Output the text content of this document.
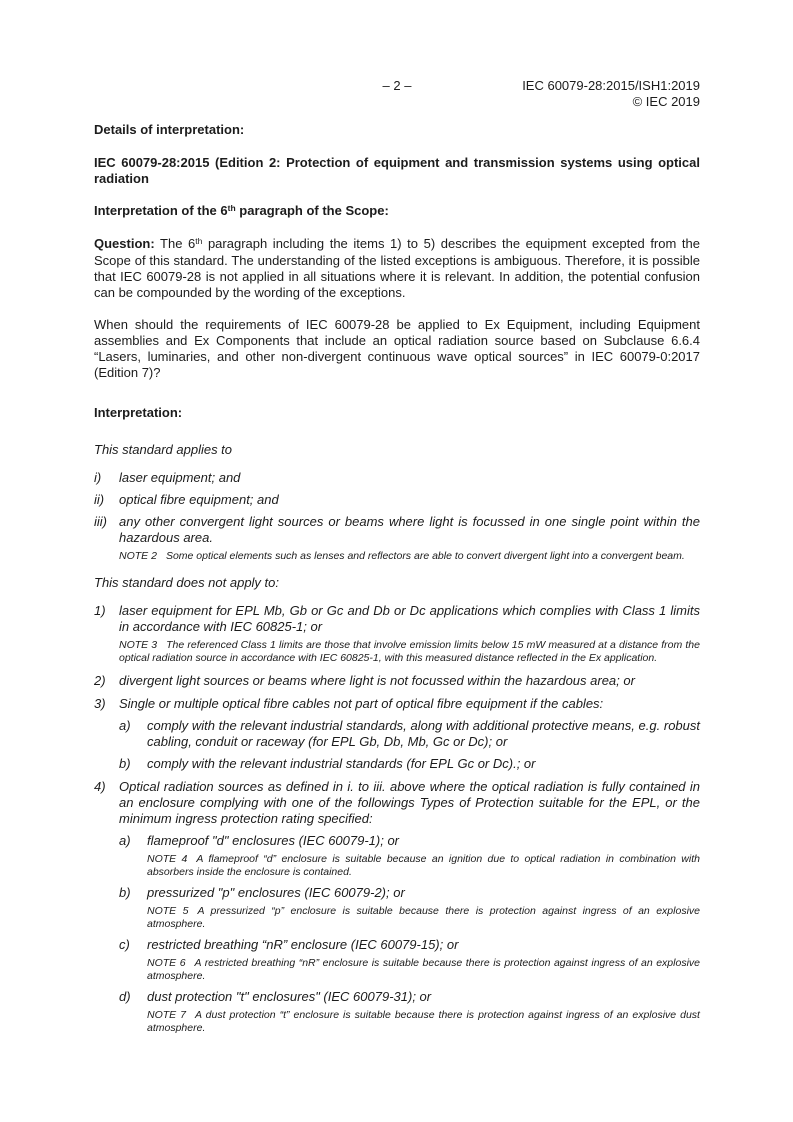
– 2 –	IEC 60079-28:2015/ISH1:2019
© IEC 2019

Details of interpretation:

IEC 60079-28:2015 (Edition 2: Protection of equipment and transmission systems using optical radiation

Interpretation of the 6th paragraph of the Scope:

Question: The 6th paragraph including the items 1) to 5) describes the equipment excepted from the Scope of this standard. The understanding of the listed exceptions is ambiguous. Therefore, it is possible that IEC 60079-28 is not applied in all situations where it is relevant. In addition, the potential confusion can be compounded by the wording of the exceptions.

When should the requirements of IEC 60079-28 be applied to Ex Equipment, including Equipment assemblies and Ex Components that include an optical radiation source based on Subclause 6.6.4 “Lasers, luminaries, and other non-divergent continuous wave optical sources” in IEC 60079-0:2017 (Edition 7)?

Interpretation:

This standard applies to

i)	laser equipment; and
ii)	optical fibre equipment; and
iii) any other convergent light sources or beams where light is focussed in one single point within the hazardous area.

NOTE 2 Some optical elements such as lenses and reflectors are able to convert divergent light into a convergent beam.

This standard does not apply to:

1)	laser equipment for EPL Mb, Gb or Gc and Db or Dc applications which complies with Class 1 limits in accordance with IEC 60825-1; or

NOTE 3 The referenced Class 1 limits are those that involve emission limits below 15 mW measured at a distance from the optical radiation source in accordance with IEC 60825-1, with this measured distance reflected in the Ex application.

2)	divergent light sources or beams where light is not focussed within the hazardous area; or
3)	Single or multiple optical fibre cables not part of optical fibre equipment if the cables:
a)	comply with the relevant industrial standards, along with additional protective means, e.g. robust cabling, conduit or raceway (for EPL Gb, Db, Mb, Gc or Dc); or
b)	comply with the relevant industrial standards (for EPL Gc or Dc).; or
4)	Optical radiation sources as defined in i. to iii. above where the optical radiation is fully contained in an enclosure complying with one of the followings Types of Protection suitable for the EPL, or the minimum ingress protection rating specified:
a)	flameproof "d" enclosures (IEC 60079-1); or

NOTE 4 A flameproof “d” enclosure is suitable because an ignition due to optical radiation in combination with absorbers inside the enclosure is contained.

b)	pressurized "p" enclosures (IEC 60079-2); or

NOTE 5 A pressurized “p” enclosure is suitable because there is protection against ingress of an explosive atmosphere.

c)	restricted breathing “nR” enclosure (IEC 60079-15); or

NOTE 6 A restricted breathing “nR” enclosure is suitable because there is protection against ingress of an explosive atmosphere.

d)	dust protection "t" enclosures" (IEC 60079-31); or

NOTE 7 A dust protection “t” enclosure is suitable because there is protection against ingress of an explosive dust atmosphere.
